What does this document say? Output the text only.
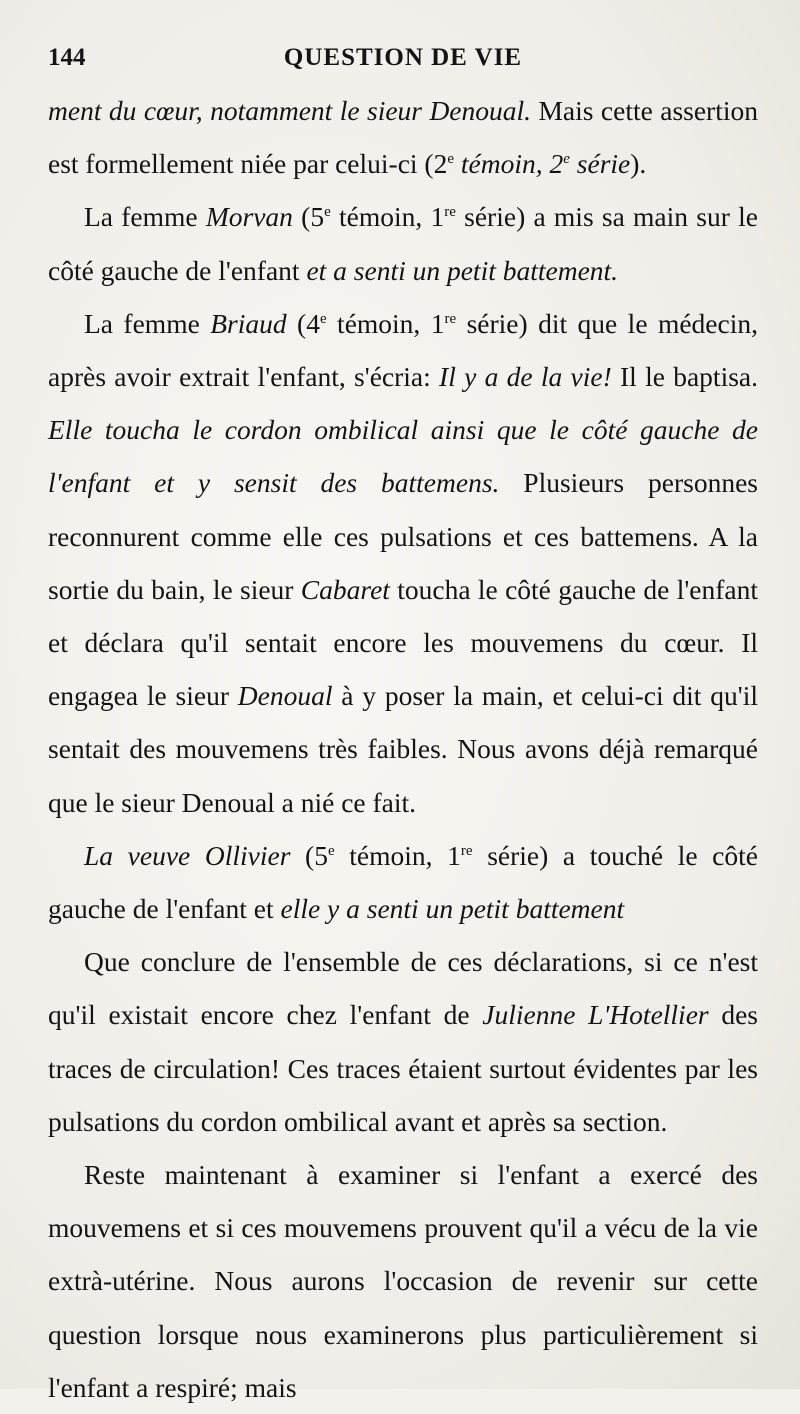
144	QUESTION DE VIE

ment du cœur, notamment le sieur Denoual. Mais cette assertion est formellement niée par celui-ci (2e témoin, 2e série).

La femme Morvan (5e témoin, 1re série) a mis sa main sur le côté gauche de l'enfant et a senti un petit battement.

La femme Briaud (4e témoin, 1re série) dit que le médecin, après avoir extrait l'enfant, s'écria: Il y a de la vie! Il le baptisa. Elle toucha le cordon ombilical ainsi que le côté gauche de l'enfant et y sensit des battemens. Plusieurs personnes reconnurent comme elle ces pulsations et ces battemens. A la sortie du bain, le sieur Cabaret toucha le côté gauche de l'enfant et déclara qu'il sentait encore les mouvemens du cœur. Il engagea le sieur Denoual à y poser la main, et celui-ci dit qu'il sentait des mouvemens très faibles. Nous avons déjà remarqué que le sieur Denoual a nié ce fait.

La veuve Ollivier (5e témoin, 1re série) a touché le côté gauche de l'enfant et elle y a senti un petit battement

Que conclure de l'ensemble de ces déclarations, si ce n'est qu'il existait encore chez l'enfant de Julienne L'Hotellier des traces de circulation! Ces traces étaient surtout évidentes par les pulsations du cordon ombilical avant et après sa section.

Reste maintenant à examiner si l'enfant a exercé des mouvemens et si ces mouvemens prouvent qu'il a vécu de la vie extrà-utérine. Nous aurons l'occasion de revenir sur cette question lorsque nous examinerons plus particulièrement si l'enfant a respiré; mais
